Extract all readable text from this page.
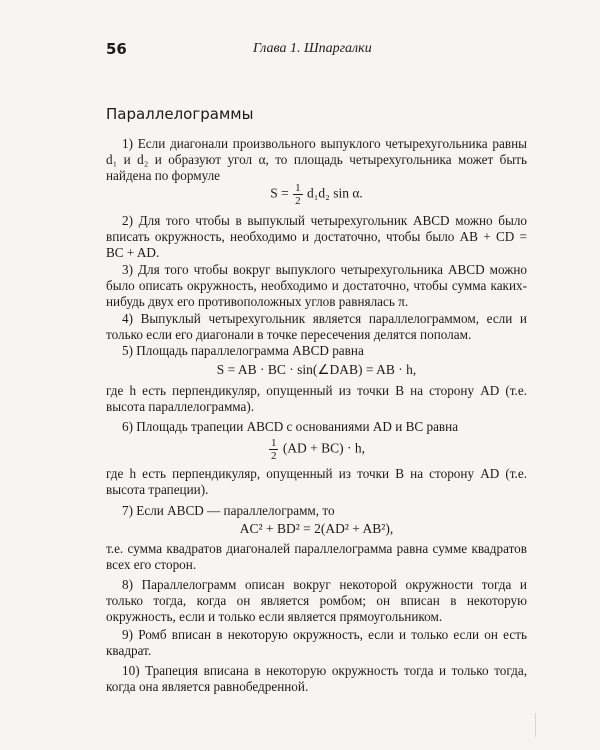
56	Глава 1. Шпаргалки
Параллелограммы
1) Если диагонали произвольного выпуклого четырехугольника равны d₁ и d₂ и образуют угол α, то площадь четырехугольника может быть найдена по формуле
$S = \frac{1}{2} d_1d_2$ sin α.
2) Для того чтобы в выпуклый четырехугольник ABCD можно было вписать окружность, необходимо и достаточно, чтобы было AB + CD = BC + AD.
3) Для того чтобы вокруг выпуклого четырехугольника ABCD можно было описать окружность, необходимо и достаточно, чтобы сумма каких-нибудь двух его противоположных углов равнялась π.
4) Выпуклый четырехугольник является параллелограммом, если и только если его диагонали в точке пересечения делятся пополам.
5) Площадь параллелограмма ABCD равна
S = AB · BC · sin(∠DAB) = AB · h,
где h есть перпендикуляр, опущенный из точки B на сторону AD (т.е. высота параллелограмма).
6) Площадь трапеции ABCD с основаниями AD и BC равна
$\frac{1}{2} (AD + BC) \cdot h$,
где h есть перпендикуляр, опущенный из точки B на сторону AD (т.е. высота трапеции).
7) Если ABCD — параллелограмм, то
AC² + BD² = 2(AD² + AB²),
т.е. сумма квадратов диагоналей параллелограмма равна сумме квадратов всех его сторон.
8) Параллелограмм описан вокруг некоторой окружности тогда и только тогда, когда он является ромбом; он вписан в некоторую окружность, если и только если является прямоугольником.
9) Ромб вписан в некоторую окружность, если и только если он есть квадрат.
10) Трапеция вписана в некоторую окружность тогда и только тогда, когда она является равнобедренной.
